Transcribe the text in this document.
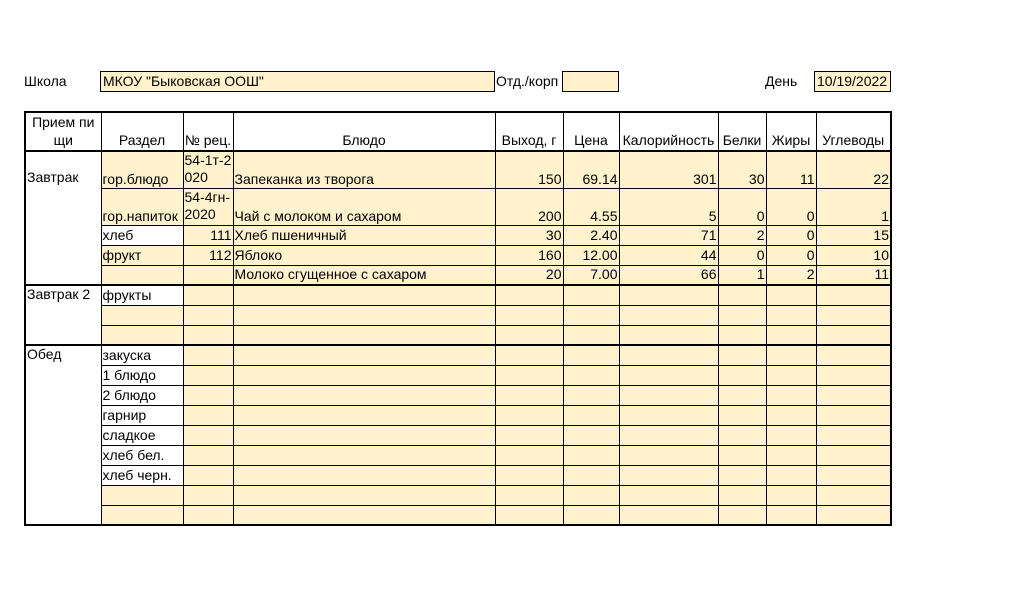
Школа	МКОУ "Быковская ООШ"	Отд./корп	День 10/19/2022
Прием пищи	Раздел	№ рец.	Блюдо	Выход, г	Цена	Калорийность	Белки	Жиры	Углеводы
Завтрак	гор.блюдо	54-1т-2020	Запеканка из творога	150	69.14	301	30	11	22
	гор.напиток	54-4гн-2020	Чай с молоком и сахаром	200	4.55	5	0	0	1
	хлеб	111	Хлеб пшеничный	30	2.40	71	2	0	15
	фрукт	112	Яблоко	160	12.00	44	0	0	10
			Молоко сгущенное с сахаром	20	7.00	66	1	2	11
Завтрак 2	фрукты								

Обед	закуска								
	1 блюдо								
	2 блюдо								
	гарнир								
	сладкое								
	хлеб бел.								
	хлеб черн.								
